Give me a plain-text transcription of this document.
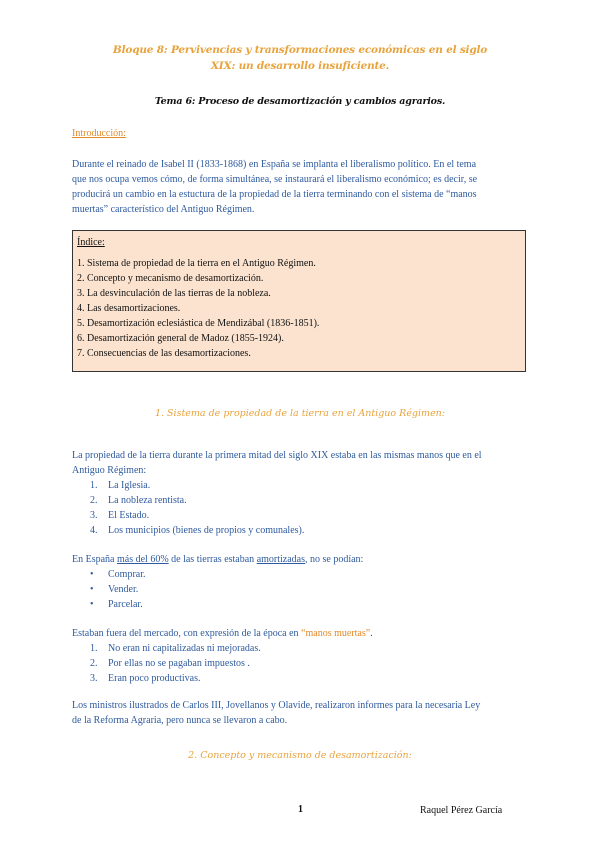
Bloque 8: Pervivencias y transformaciones económicas en el siglo
XIX: un desarrollo insuficiente.
Tema 6: Proceso de desamortización y cambios agrarios.
Introducción:
Durante el reinado de Isabel II (1833-1868) en España se implanta el liberalismo político. En el tema
que nos ocupa vemos cómo, de forma simultánea, se instaurará el liberalismo económico; es decir, se
producirá un cambio en la estuctura de la propiedad de la tierra terminando con el sistema de “manos
muertas” característico del Antiguo Régimen.
Índice:
1. Sistema de propiedad de la tierra en el Antiguo Régimen.
2. Concepto y mecanismo de desamortización.
3. La desvinculación de las tierras de la nobleza.
4. Las desamortizaciones.
5. Desamortización eclesiástica de Mendizábal (1836-1851).
6. Desamortización general de Madoz (1855-1924).
7. Consecuencias de las desamortizaciones.
1. Sistema de propiedad de la tierra en el Antiguo Régimen:
La propiedad de la tierra durante la primera mitad del siglo XIX estaba en las mismas manos que en el
Antiguo Régimen:
1.	La Iglesia.
2.	La nobleza rentista.
3.	El Estado.
4.	Los municipios (bienes de propios y comunales).
En España más del 60% de las tierras estaban amortizadas, no se podían:
•	Comprar.
•	Vender.
•	Parcelar.
Estaban fuera del mercado, con expresión de la época en “manos muertas”.
1.	No eran ni capitalizadas ni mejoradas.
2.	Por ellas no se pagaban impuestos .
3.	Eran poco productivas.
Los ministros ilustrados de Carlos III, Jovellanos y Olavide, realizaron informes para la necesaria Ley
de la Reforma Agraria, pero nunca se llevaron a cabo.
2. Concepto y mecanismo de desamortización:
1	Raquel Pérez García
